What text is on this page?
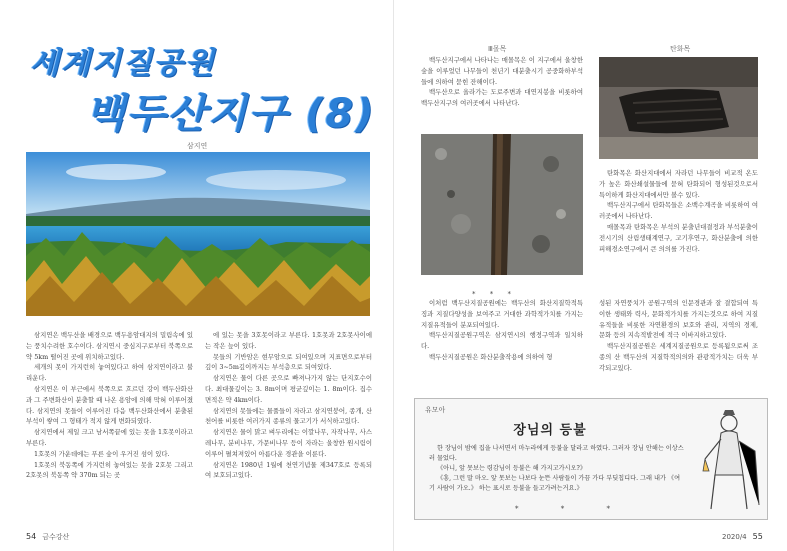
세계지질공원
백두산지구 (8)
삼지연

삼지연은 백두산을 배경으로 백두용암대지의 밀림속에 있는 풍치수려한 호수이다. 삼지연시 중심지구로부터 북쪽으로 약 5km 떨어진 곳에 위치하고있다.

세개의 못이 가지런히 놓여있다고 하여 삼지연이라고 불리운다.

삼지연은 이 부근에서 북쪽으로 흐르던 강이 백두산화산과 그 주변화산이 분출할 때 나온 용암에 의해 막혀 이루어졌다. 삼지연의 못들이 이루어진 다음 백두산화산에서 분출된 부석이 쌓여 그 형태가 적지 않게 변화되였다.

삼지연에서 제일 크고 남서쪽끝에 있는 못을 1호못이라고 부른다.

1호못의 가운데에는 푸른 숲이 우거진 섬이 있다.

1호못의 북동쪽에 가지런히 놓여있는 못을 2호못 그리고 2호못의 북동쪽 약 370m 되는 곳

에 있는 못을 3호못이라고 부른다. 1호못과 2호못사이에는 작은 늪이 있다.

못들의 기반암은 현무암으로 되여있으며 지표면으로부터 깊이 3~5m깊이까지는 부석층으로 되여있다.

삼지연은 물이 다른 곳으로 빠져나가지 않는 단지호수이다. 최대물깊이는 3. 8m이며 평균깊이는 1. 8m이다. 집수면적은 약 4km이다.

삼지연의 못들에는 물풀들이 자라고 삼지연붕어, 종개, 산천어를 비롯한 여러가지 종류의 물고기가 서식하고있다.

삼지연은 물이 맑고 벼두리에는 이깔나무, 자작나무, 사스레나무, 분비나무, 가문비나무 등이 자라는 울창한 원시림이 이루어 펼쳐져있어 아름다운 경관을 이룬다.

삼지연은 1980년 1월에 천연기념물 제347호로 등록되여 보호되고있다.

백두산지구에서 나타나는 매몰목은 이 지구에서 울창한 숲을 이루었던 나무들이 천년기 대분출시기 공중화하부석들에 의하여 묻힌 잔해이다.

백두산으로 올라가는 도로주변과 대연지봉을 비롯하여 백두산지구의 여러곳에서 나타난다.

Ⅲ몰목	탄화목

탄화목은 화산지대에서 자라던 나무들이 비교적 온도가 높은 화산쇄설물들에 묻혀 탄화되어 형성된것으로서 특이하게 화산지대에서만 볼수 있다.

백두산지구에서 탄화목들은 소백수계곡을 비롯하여 여러곳에서 나타난다.

매몰목과 탄화목은 부석의 분출년대결정과 부석분출이전시기의 산림생태계연구, 고기후연구, 화산분출에 의한 피해경소연구에서 큰 의의를 가진다.

* * *

이처럼 백두산지질공원에는 백두산의 화산지질학적특징과 지질다양성을 보여주고 거대한 과학적가치를 가지는 지질유적들이 분포되여있다.

백두산지질공원구역은 삼지연시의 행정구역과 일치하다.

백두산지질공원은 화산분출작용에 의하여 형

성된 자연풍치가 공원구역의 인문경관과 잘 결합되여 특이한 생태와 력사, 문화적가치를 가지는것으로 하여 지질유적들을 비롯한 자연환경의 보호와 관리, 지역의 경제, 문화 등의 지속적발전에 적극 이바지하고있다.

백두산지질공원은 세계지질공원으로 등록됨으로써 조종의 산 백두산의 지질학적의의와 관광적가치는 더욱 부각되고있다.

유모아
장님의 등불

한 장님이 밤에 집을 나서면서 마누라에게 등불을 달라고 하였다. 그러자 장님 안해는 이상스러 물었다.

《아니, 앞 못보는 령감님이 등불은 해 가지고가시오?》

《흥, 그런 말 마오. 앞 못보는 나보다 눈뜬 사람들이 가끔 가다 부딪칩디다. 그래 내가 《여기 사람이 가오.》 하는 표시로 등불을 들고가려는거요.》

* * *
54 금수강산	2020/4 55
